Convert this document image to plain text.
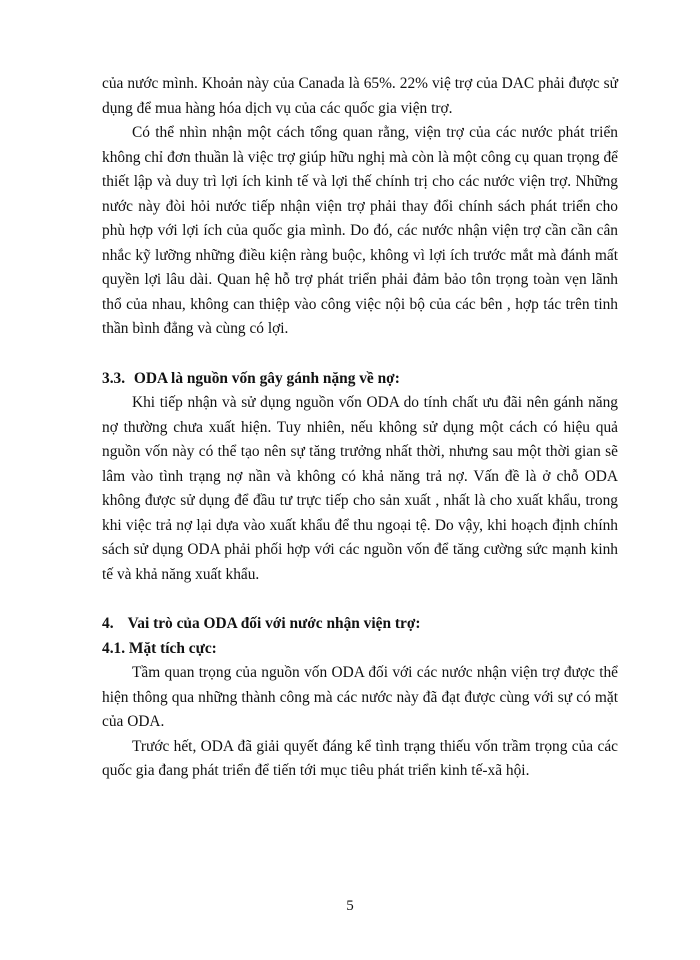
của nước mình. Khoản này của Canada là 65%. 22% việ trợ của DAC phải được sử dụng để mua hàng hóa dịch vụ của các quốc gia viện trợ.

Có thể nhìn nhận một cách tổng quan rằng, viện trợ của các nước phát triển không chỉ đơn thuần là việc trợ giúp hữu nghị mà còn là một công cụ quan trọng để thiết lập và duy trì lợi ích kinh tế và lợi thế chính trị cho các nước viện trợ. Những nước này đòi hỏi nước tiếp nhận viện trợ phải thay đổi chính sách phát triển cho phù hợp với lợi ích của quốc gia mình. Do đó, các nước nhận viện trợ cần cần cân nhắc kỹ lưỡng những điều kiện ràng buộc, không vì lợi ích trước mắt mà đánh mất quyền lợi lâu dài. Quan hệ hỗ trợ phát triển phải đảm bảo tôn trọng toàn vẹn lãnh thổ của nhau, không can thiệp vào công việc nội bộ của các bên , hợp tác trên tinh thần bình đẳng và cùng có lợi.

3.3. ODA là nguồn vốn gây gánh nặng về nợ:

Khi tiếp nhận và sử dụng nguồn vốn ODA do tính chất ưu đãi nên gánh năng nợ thường chưa xuất hiện. Tuy nhiên, nếu không sử dụng một cách có hiệu quả nguồn vốn này có thể tạo nên sự tăng trưởng nhất thời, nhưng sau một thời gian sẽ lâm vào tình trạng nợ nần và không có khả năng trả nợ. Vấn đề là ở chỗ ODA không được sử dụng để đầu tư trực tiếp cho sản xuất , nhất là cho xuất khẩu, trong khi việc trả nợ lại dựa vào xuất khẩu để thu ngoại tệ. Do vậy, khi hoạch định chính sách sử dụng ODA phải phối hợp với các nguồn vốn để tăng cường sức mạnh kinh tế và khả năng xuất khẩu.

4. Vai trò của ODA đối với nước nhận viện trợ:
4.1. Mặt tích cực:

Tầm quan trọng của nguồn vốn ODA đối với các nước nhận viện trợ được thể hiện thông qua những thành công mà các nước này đã đạt được cùng với sự có mặt của ODA.

Trước hết, ODA đã giải quyết đáng kể tình trạng thiếu vốn trầm trọng của các quốc gia đang phát triển để tiến tới mục tiêu phát triển kinh tế-xã hội.

5
